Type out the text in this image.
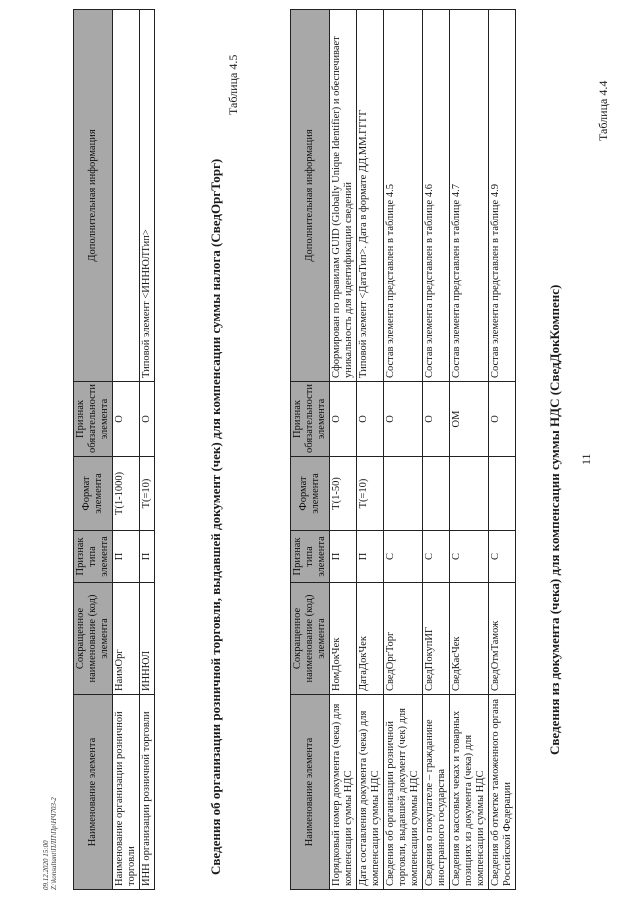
11
Таблица 4.4
Сведения из документа (чека) для компенсации суммы НДС (СведДокКомпенс)
Наименование элемента	Сокращенное наименование (код) элемента	Признак типа элемента	Формат элемента	Признак обязательности элемента	Дополнительная информация
Порядковый номер документа (чека) для компенсации суммы НДС	НомДокЧек	П	T(1-50)	О	Сформирован по правилам GUID (Globally Unique Identifier) и обеспечивает уникальность для идентификации сведений
Дата составления документа (чека) для компенсации суммы НДС	ДатаДокЧек	П	T(=10)	О	Типовой элемент <ДатаТип>. Дата в формате ДД.ММ.ГГГГ
Сведения об организации розничной торговли, выдавшей документ (чек) для компенсации суммы НДС	СведОргТорг	С		О	Состав элемента представлен в таблице 4.5
Сведения о покупателе – гражданине иностранного государства	СведПокупИГ	С		О	Состав элемента представлен в таблице 4.6
Сведения о кассовых чеках и товарных позициях из документа (чека) для компенсации суммы НДС	СведКасЧек	С		ОМ	Состав элемента представлен в таблице 4.7
Сведения об отметке таможенного органа Российской Федерации	СведОтмТамож	С		О	Состав элемента представлен в таблице 4.9
Таблица 4.5
Сведения об организации розничной торговли, выдавшей документ (чек) для компенсации суммы налога (СведОргТорг)
Наименование элемента	Сокращенное наименование (код) элемента	Признак типа элемента	Формат элемента	Признак обязательности элемента	Дополнительная информация
Наименование организации розничной торговли	НаимОрг	П	T(1-1000)	О	
ИНН организации розничной торговли	ИННЮЛ	П	T(=10)	О	Типовой элемент <ИННЮЛТип>
09.12.2020 15:00 Z:\konsultant\ПЛП\Пр\НЧ703-2
